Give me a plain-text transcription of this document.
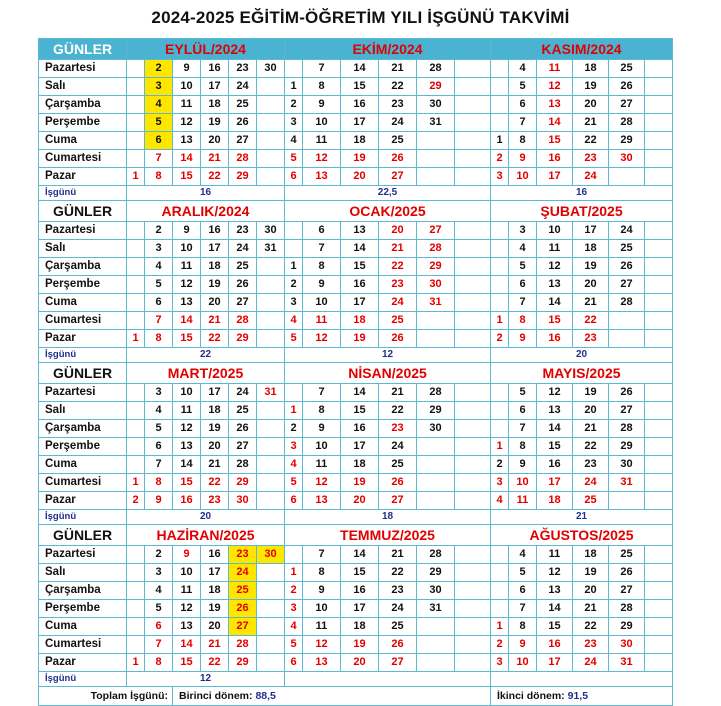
2024-2025 EĞİTİM-ÖĞRETİM YILI İŞGÜNÜ TAKVİMİ
GÜNLER	EYLÜL/2024						EKİM/2024						KASIM/2024					
Pazartesi		2	9	16	23	30		7	14	21	28			4	11	18	25	
Salı		3	10	17	24		1	8	15	22	29			5	12	19	26	
Çarşamba		4	11	18	25		2	9	16	23	30			6	13	20	27	
Perşembe		5	12	19	26		3	10	17	24	31			7	14	21	28	
Cuma		6	13	20	27		4	11	18	25			1	8	15	22	29	
Cumartesi		7	14	21	28		5	12	19	26			2	9	16	23	30	
Pazar	1	8	15	22	29		6	13	20	27			3	10	17	24		
İşgünü	16						22,5						16					
GÜNLER	ARALIK/2024						OCAK/2025						ŞUBAT/2025					
Pazartesi		2	9	16	23	30		6	13	20	27			3	10	17	24	
Salı		3	10	17	24	31		7	14	21	28			4	11	18	25	
Çarşamba		4	11	18	25		1	8	15	22	29			5	12	19	26	
Perşembe		5	12	19	26		2	9	16	23	30			6	13	20	27	
Cuma		6	13	20	27		3	10	17	24	31			7	14	21	28	
Cumartesi		7	14	21	28		4	11	18	25			1	8	15	22		
Pazar	1	8	15	22	29		5	12	19	26			2	9	16	23		
İşgünü	22						12						20					
GÜNLER	MART/2025						NİSAN/2025						MAYIS/2025					
Pazartesi		3	10	17	24	31		7	14	21	28			5	12	19	26	
Salı		4	11	18	25		1	8	15	22	29			6	13	20	27	
Çarşamba		5	12	19	26		2	9	16	23	30			7	14	21	28	
Perşembe		6	13	20	27		3	10	17	24			1	8	15	22	29	
Cuma		7	14	21	28		4	11	18	25			2	9	16	23	30	
Cumartesi	1	8	15	22	29		5	12	19	26			3	10	17	24	31	
Pazar	2	9	16	23	30		6	13	20	27			4	11	18	25		
İşgünü	20						18						21					
GÜNLER	HAZİRAN/2025						TEMMUZ/2025						AĞUSTOS/2025					
Pazartesi		2	9	16	23	30		7	14	21	28			4	11	18	25	
Salı		3	10	17	24		1	8	15	22	29			5	12	19	26	
Çarşamba		4	11	18	25		2	9	16	23	30			6	13	20	27	
Perşembe		5	12	19	26		3	10	17	24	31			7	14	21	28	
Cuma		6	13	20	27		4	11	18	25			1	8	15	22	29	
Cumartesi		7	14	21	28		5	12	19	26			2	9	16	23	30	
Pazar	1	8	15	22	29		6	13	20	27			3	10	17	24	31	
İşgünü	12																	
Toplam İşgünü:			Birinci dönem: 88,5										İkinci dönem: 91,5					
